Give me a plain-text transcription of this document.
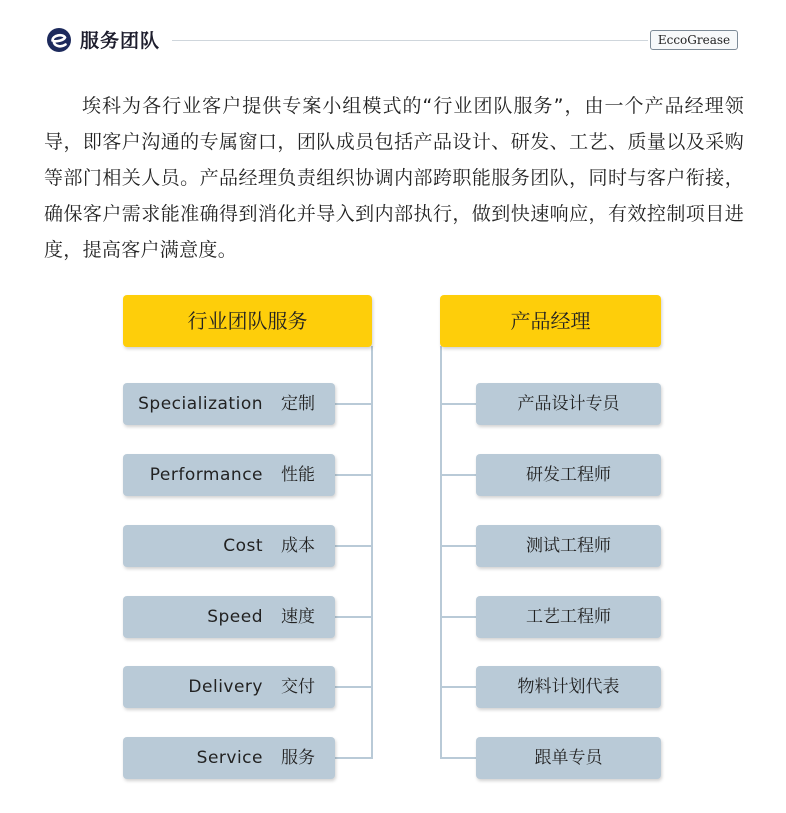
服务团队	EccoGrease

埃科为各行业客户提供专案小组模式的“行业团队服务”，由一个产品经理领导，即客户沟通的专属窗口，团队成员包括产品设计、研发、工艺、质量以及采购等部门相关人员。产品经理负责组织协调内部跨职能服务团队，同时与客户衔接，确保客户需求能准确得到消化并导入到内部执行，做到快速响应，有效控制项目进度，提高客户满意度。

行业团队服务	产品经理
Specialization 定制
Performance 性能
Cost 成本
Speed 速度
Delivery 交付
Service 服务
产品设计专员
研发工程师
测试工程师
工艺工程师
物料计划代表
跟单专员
